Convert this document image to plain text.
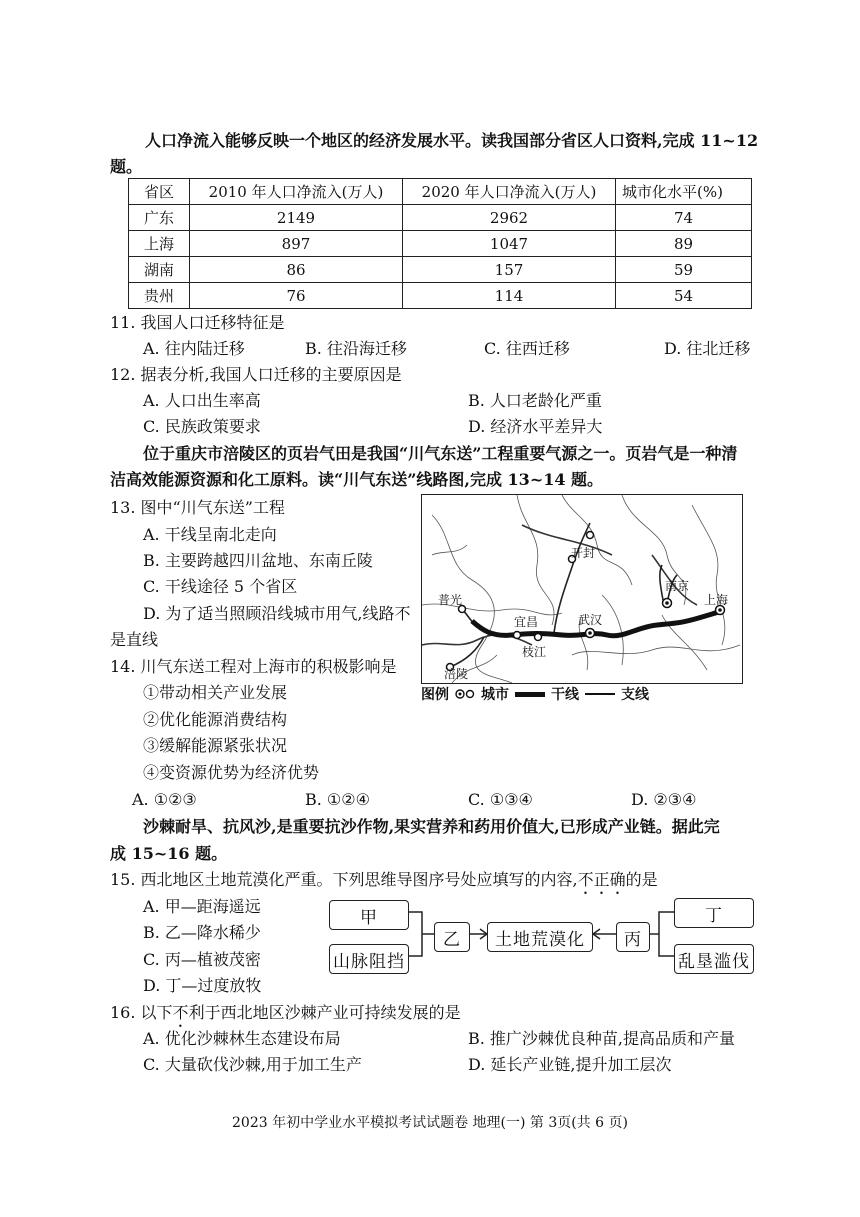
人口净流入能够反映一个地区的经济发展水平。读我国部分省区人口资料,完成 11~12
题。
省区	2010 年人口净流入(万人)	2020 年人口净流入(万人)	城市化水平(%)
广东	2149	2962	74
上海	897	1047	89
湖南	86	157	59
贵州	76	114	54
11. 我国人口迁移特征是
A. 往内陆迁移	B. 往沿海迁移	C. 往西迁移	D. 往北迁移
12. 据表分析,我国人口迁移的主要原因是
A. 人口出生率高	B. 人口老龄化严重
C. 民族政策要求	D. 经济水平差异大
位于重庆市涪陵区的页岩气田是我国“川气东送”工程重要气源之一。页岩气是一种清
洁高效能源资源和化工原料。读“川气东送”线路图,完成 13~14 题。
13. 图中“川气东送”工程
A. 干线呈南北走向
B. 主要跨越四川盆地、东南丘陵
C. 干线途径 5 个省区
D. 为了适当照顾沿线城市用气,线路不
是直线
14. 川气东送工程对上海市的积极影响是
①带动相关产业发展
②优化能源消费结构
③缓解能源紧张状况
④变资源优势为经济优势
A. ①②③	B. ①②④	C. ①③④	D. ②③④
开封
南京
上海
普光
宜昌	武汉
枝江
涪陵
图例 城市	干线	支线
沙棘耐旱、抗风沙,是重要抗沙作物,果实营养和药用价值大,已形成产业链。据此完
成 15~16 题。
15. 西北地区土地荒漠化严重。下列思维导图序号处应填写的内容,不正确的是
A. 甲—距海遥远
B. 乙—降水稀少
C. 丙—植被茂密
D. 丁—过度放牧
甲
山脉阻挡
乙	土地荒漠化	丙
丁
乱垦滥伐
16. 以下不利于西北地区沙棘产业可持续发展的是
A. 优化沙棘林生态建设布局	B. 推广沙棘优良种苗,提高品质和产量
C. 大量砍伐沙棘,用于加工生产	D. 延长产业链,提升加工层次
2023 年初中学业水平模拟考试试题卷 地理(一) 第 3页(共 6 页)
